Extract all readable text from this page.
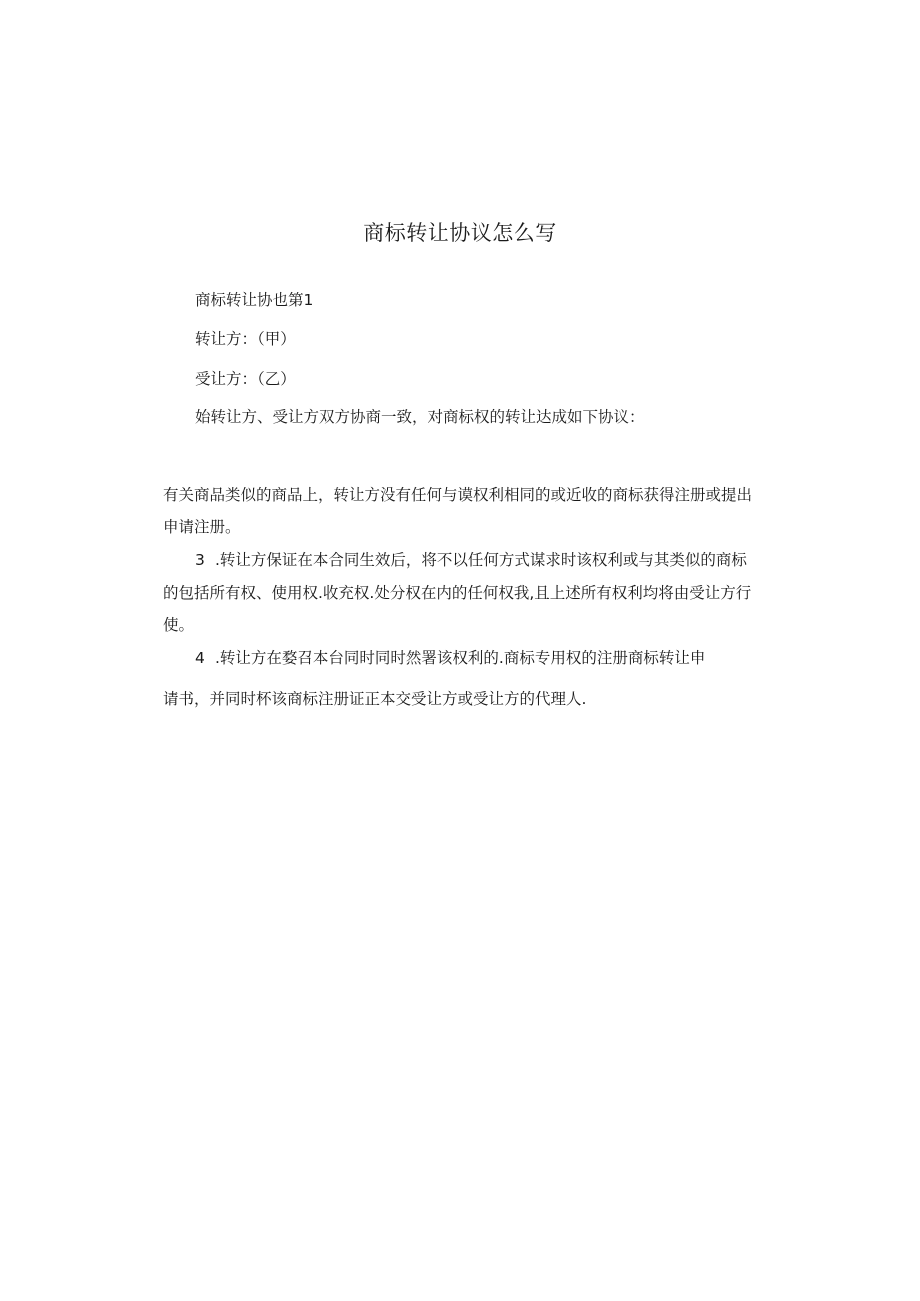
商标转让协议怎么写
商标转让协也第1
转让方：（甲）
受让方：（乙）
始转让方、受让方双方协商一致，对商标权的转让达成如下协议：
有关商品类似的商品上，转让方没有任何与谟权利相同的或近收的商标获得注册或提出
申请注册。
3 .转让方保证在本合同生效后，将不以任何方式谋求时该权利或与其类似的商标
的包括所有权、使用权.收充权.处分权在内的任何权我,且上述所有权利均将由受让方行
使。
4 .转让方在婺召本台同时同时然署该权利的.商标专用权的注册商标转让申
请书，并同时杯该商标注册证正本交受让方或受让方的代理人.
